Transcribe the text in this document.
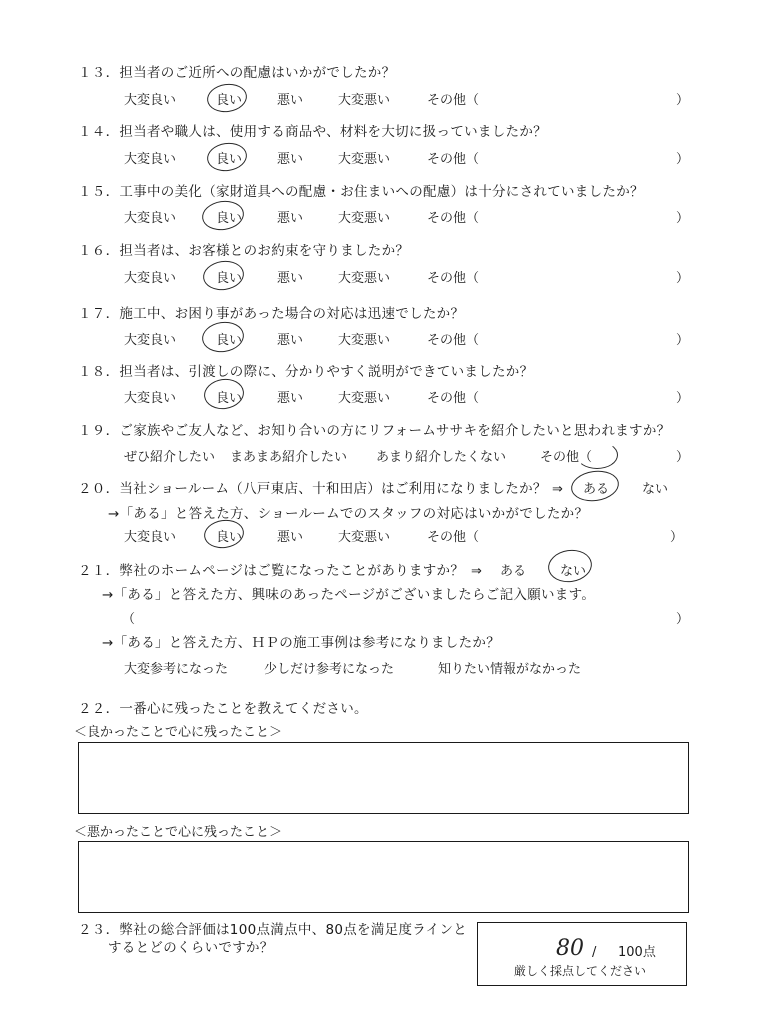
１３．担当者のご近所への配慮はいかがでしたか？
大変良い	良い	悪い	大変悪い	その他（	）
１４．担当者や職人は、使用する商品や、材料を大切に扱っていましたか？
大変良い	良い	悪い	大変悪い	その他（	）
１５．工事中の美化（家財道具への配慮・お住まいへの配慮）は十分にされていましたか？
大変良い	良い	悪い	大変悪い	その他（	）
１６．担当者は、お客様とのお約束を守りましたか？
大変良い	良い	悪い	大変悪い	その他（	）
１７．施工中、お困り事があった場合の対応は迅速でしたか？
大変良い	良い	悪い	大変悪い	その他（	）
１８．担当者は、引渡しの際に、分かりやすく説明ができていましたか？
大変良い	良い	悪い	大変悪い	その他（	）
１９．ご家族やご友人など、お知り合いの方にリフォームササキを紹介したいと思われますか？
ぜひ紹介したい まあまあ紹介したい あまり紹介したくない	その他（	）
２０．当社ショールーム（八戸東店、十和田店）はご利用になりましたか？ ⇒ ある	ない
→「ある」と答えた方、ショールームでのスタッフの対応はいかがでしたか？
大変良い	良い	悪い	大変悪い	その他（	）
２１．弊社のホームページはご覧になったことがありますか？ ⇒ ある	ない
→「ある」と答えた方、興味のあったページがございましたらご記入願います。
（	）
→「ある」と答えた方、ＨＰの施工事例は参考になりましたか？
大変参考になった	少しだけ参考になった	知りたい情報がなかった
２２．一番心に残ったことを教えてください。
＜良かったことで心に残ったこと＞
＜悪かったことで心に残ったこと＞
２３．弊社の総合評価は100点満点中、80点を満足度ラインと
するとどのくらいですか？	80 / 100点
厳しく採点してください
